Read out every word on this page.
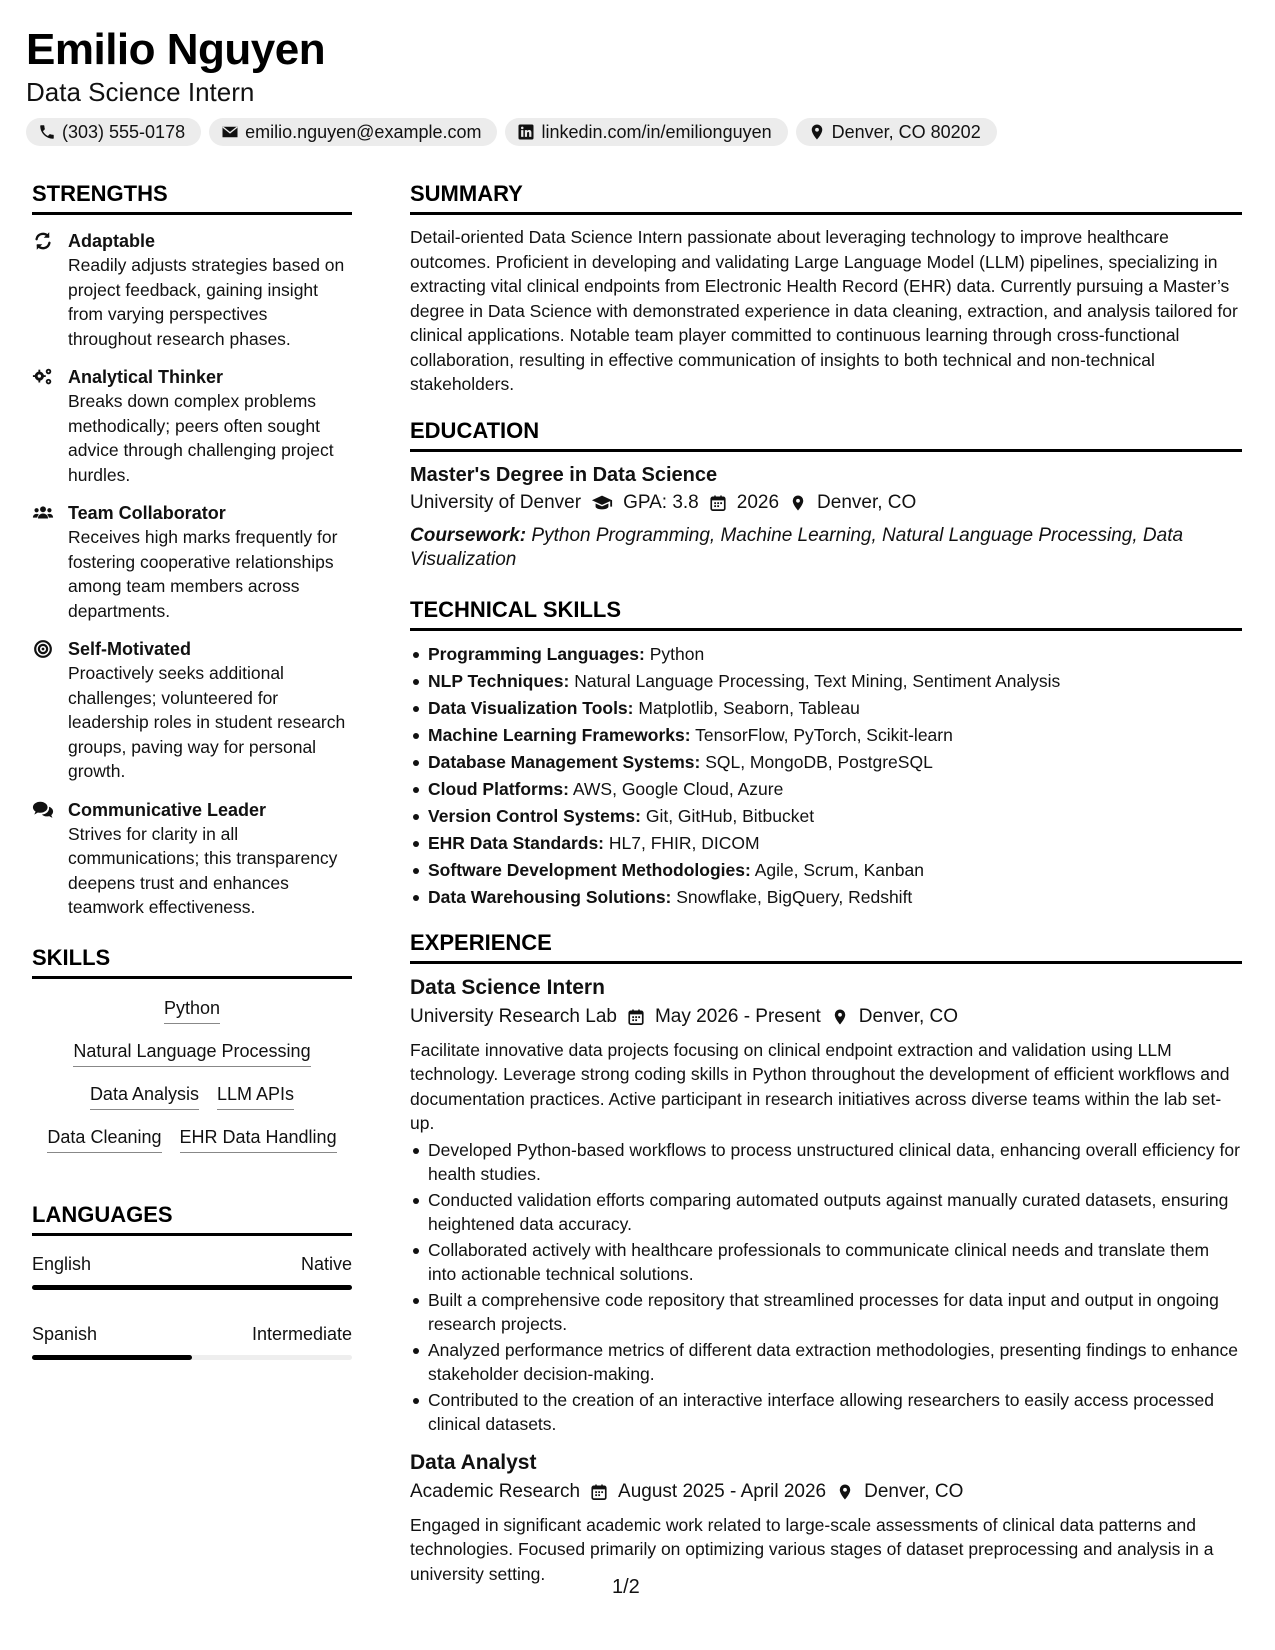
Emilio Nguyen
Data Science Intern
(303) 555-0178	emilio.nguyen@example.com	linkedin.com/in/emilionguyen	Denver, CO 80202
STRENGTHS
Adaptable
Readily adjusts strategies based on project feedback, gaining insight from varying perspectives throughout research phases.
Analytical Thinker
Breaks down complex problems methodically; peers often sought advice through challenging project hurdles.
Team Collaborator
Receives high marks frequently for fostering cooperative relationships among team members across departments.
Self-Motivated
Proactively seeks additional challenges; volunteered for leadership roles in student research groups, paving way for personal growth.
Communicative Leader
Strives for clarity in all communications; this transparency deepens trust and enhances teamwork effectiveness.
SKILLS
Python
Natural Language Processing
Data Analysis LLM APIs
Data Cleaning EHR Data Handling
LANGUAGES
English	Native
Spanish	Intermediate
SUMMARY
Detail-oriented Data Science Intern passionate about leveraging technology to improve healthcare outcomes. Proficient in developing and validating Large Language Model (LLM) pipelines, specializing in extracting vital clinical endpoints from Electronic Health Record (EHR) data. Currently pursuing a Master’s degree in Data Science with demonstrated experience in data cleaning, extraction, and analysis tailored for clinical applications. Notable team player committed to continuous learning through cross-functional collaboration, resulting in effective communication of insights to both technical and non-technical stakeholders.
EDUCATION
Master's Degree in Data Science
University of Denver GPA: 3.8 2026 Denver, CO
Coursework: Python Programming, Machine Learning, Natural Language Processing, Data Visualization
TECHNICAL SKILLS
Programming Languages: Python
NLP Techniques: Natural Language Processing, Text Mining, Sentiment Analysis
Data Visualization Tools: Matplotlib, Seaborn, Tableau
Machine Learning Frameworks: TensorFlow, PyTorch, Scikit-learn
Database Management Systems: SQL, MongoDB, PostgreSQL
Cloud Platforms: AWS, Google Cloud, Azure
Version Control Systems: Git, GitHub, Bitbucket
EHR Data Standards: HL7, FHIR, DICOM
Software Development Methodologies: Agile, Scrum, Kanban
Data Warehousing Solutions: Snowflake, BigQuery, Redshift
EXPERIENCE
Data Science Intern
University Research Lab May 2026 - Present Denver, CO
Facilitate innovative data projects focusing on clinical endpoint extraction and validation using LLM technology. Leverage strong coding skills in Python throughout the development of efficient workflows and documentation practices. Active participant in research initiatives across diverse teams within the lab set-up.
Developed Python-based workflows to process unstructured clinical data, enhancing overall efficiency for health studies.
Conducted validation efforts comparing automated outputs against manually curated datasets, ensuring heightened data accuracy.
Collaborated actively with healthcare professionals to communicate clinical needs and translate them into actionable technical solutions.
Built a comprehensive code repository that streamlined processes for data input and output in ongoing research projects.
Analyzed performance metrics of different data extraction methodologies, presenting findings to enhance stakeholder decision-making.
Contributed to the creation of an interactive interface allowing researchers to easily access processed clinical datasets.
Data Analyst
Academic Research August 2025 - April 2026 Denver, CO
Engaged in significant academic work related to large-scale assessments of clinical data patterns and technologies. Focused primarily on optimizing various stages of dataset preprocessing and analysis in a university setting.
1/2
